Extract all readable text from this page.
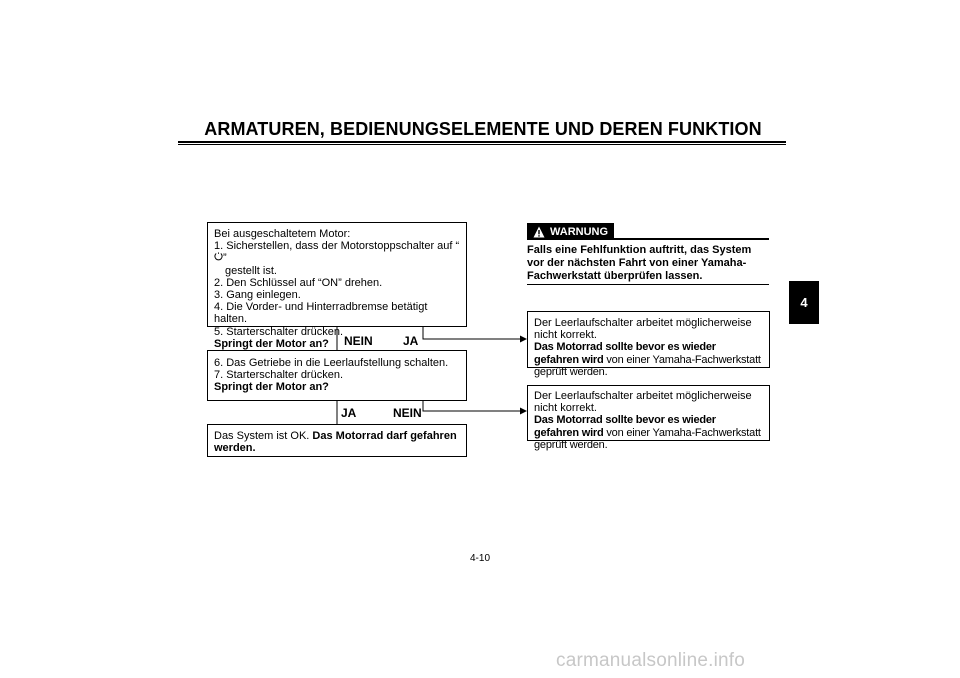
ARMATUREN, BEDIENUNGSELEMENTE UND DEREN FUNKTION
4

Bei ausgeschaltetem Motor:

1. Sicherstellen, dass der Motorstoppschalter auf “”

gestellt ist.

2. Den Schlüssel auf “ON” drehen.

3. Gang einlegen.

4. Die Vorder- und Hinterradbremse betätigt halten.

5. Starterschalter drücken.

Springt der Motor an?	NEIN	JA

6. Das Getriebe in die Leerlaufstellung schalten.

7. Starterschalter drücken.

Springt der Motor an?

JA	NEIN

Das System ist OK. Das Motorrad darf gefahren werden.

WARNUNG
Falls eine Fehlfunktion auftritt, das System vor der nächsten Fahrt von einer Yamaha-Fachwerkstatt überprüfen lassen.

Der Leerlaufschalter arbeitet möglicherweise nicht korrekt.

Das Motorrad sollte bevor es wieder gefahren wird von einer Yamaha-Fachwerkstatt geprüft werden.

Der Leerlaufschalter arbeitet möglicherweise nicht korrekt.

Das Motorrad sollte bevor es wieder gefahren wird von einer Yamaha-Fachwerkstatt geprüft werden.

4-10
carmanualsonline.info
